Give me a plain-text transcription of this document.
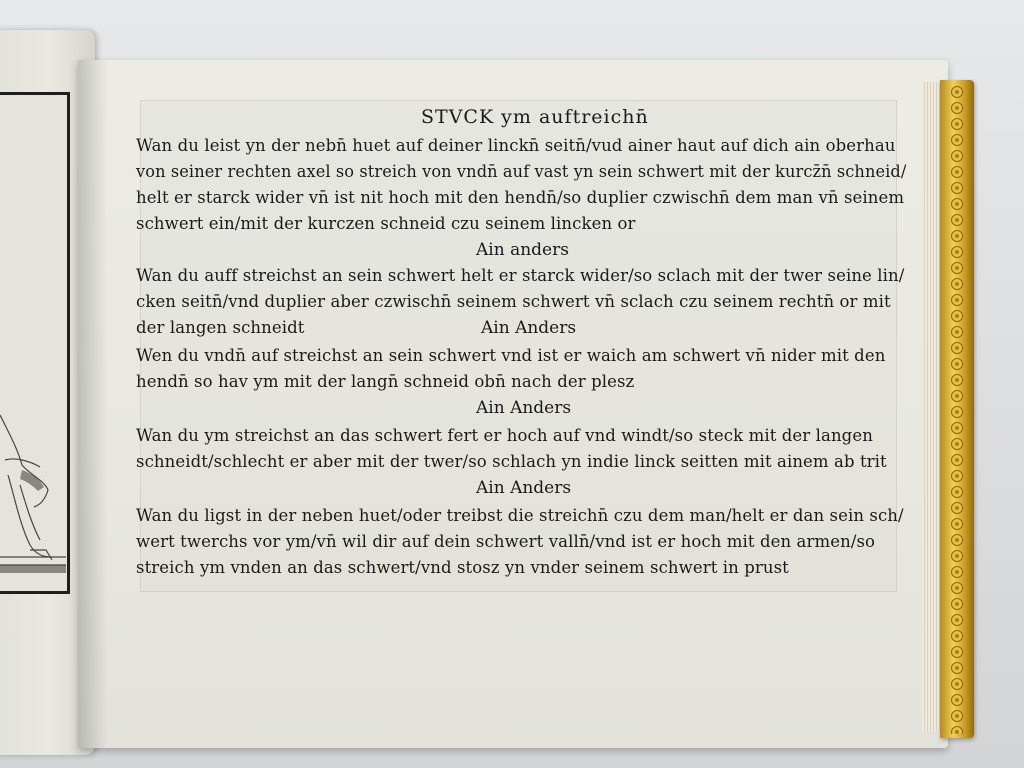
STVCK ym auftreichn̄
Wan du leist yn der nebn̄ huet auf deiner linckn̄ seitn̄/vud ainer haut auf dich ain oberhau
von seiner rechten axel so streich von vndn̄ auf vast yn sein schwert mit der kurcz̄n̄ schneid/
helt er starck wider vn̄ ist nit hoch mit den hendn̄/so duplier czwischn̄ dem man vn̄ seinem
schwert ein/mit der kurczen schneid czu seinem lincken or
Ain anders
Wan du auff streichst an sein schwert helt er starck wider/so sclach mit der twer seine lin/
cken seitn̄/vnd duplier aber czwischn̄ seinem schwert vn̄ sclach czu seinem rechtn̄ or mit
der langen schneidt	Ain Anders
Wen du vndn̄ auf streichst an sein schwert vnd ist er waich am schwert vn̄ nider mit den
hendn̄ so hav ym mit der langn̄ schneid obn̄ nach der plesz
Ain Anders
Wan du ym streichst an das schwert fert er hoch auf vnd windt/so steck mit der langen
schneidt/schlecht er aber mit der twer/so schlach yn indie linck seitten mit ainem ab trit
Ain Anders
Wan du ligst in der neben huet/oder treibst die streichn̄ czu dem man/helt er dan sein sch/
wert twerchs vor ym/vn̄ wil dir auf dein schwert valln̄/vnd ist er hoch mit den armen/so
streich ym vnden an das schwert/vnd stosz yn vnder seinem schwert in prust
